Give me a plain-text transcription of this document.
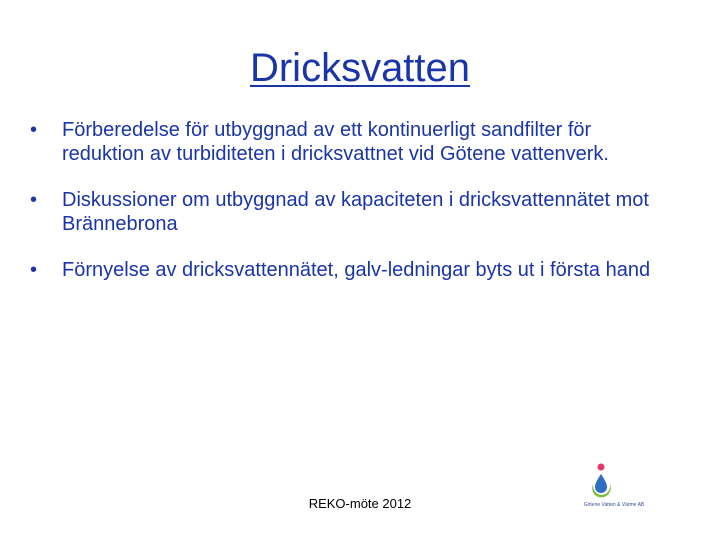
Dricksvatten
•	Förberedelse för utbyggnad av ett kontinuerligt sandfilter för reduktion av turbiditeten i dricksvattnet vid Götene vattenverk.
•	Diskussioner om utbyggnad av kapaciteten i dricksvattennätet mot Brännebrona
•	Förnyelse av dricksvattennätet, galv-ledningar byts ut i första hand
REKO-möte 2012	Götene Vatten & Värme AB
